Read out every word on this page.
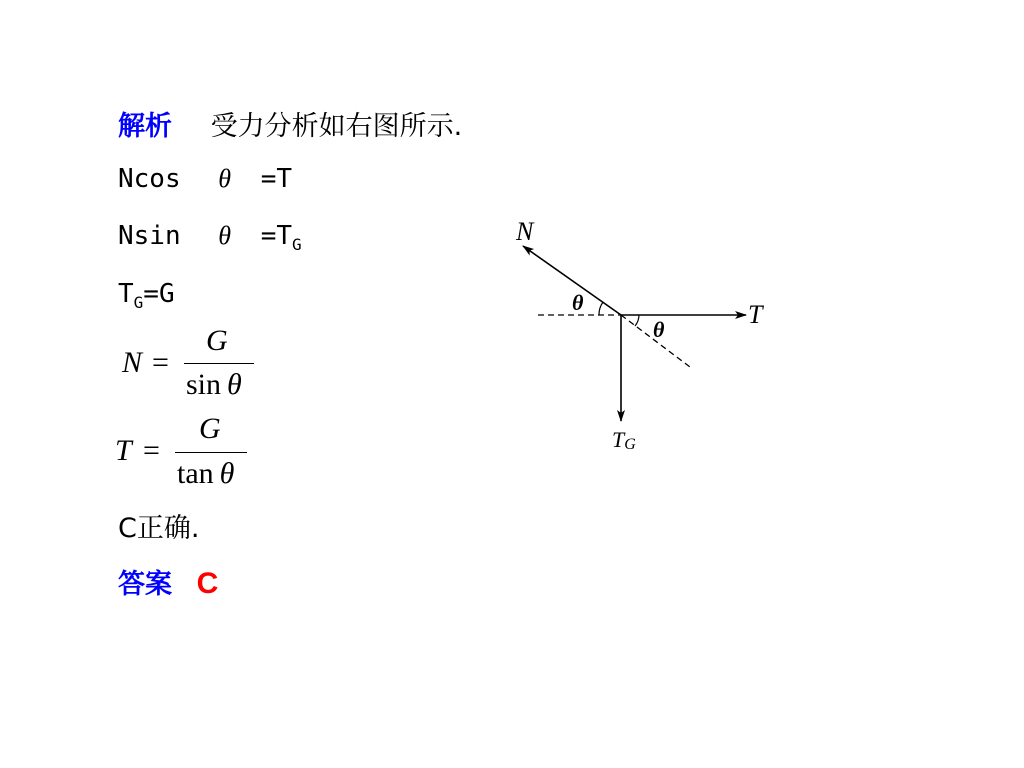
解析 受力分析如右图所示.
Ncos θ =T
Nsin $\theta =T_G$
$T_G=G$
N =
G
sin θ
T =
G
tan θ
C正确.
答案 C
N
T
TG
θ
θ
